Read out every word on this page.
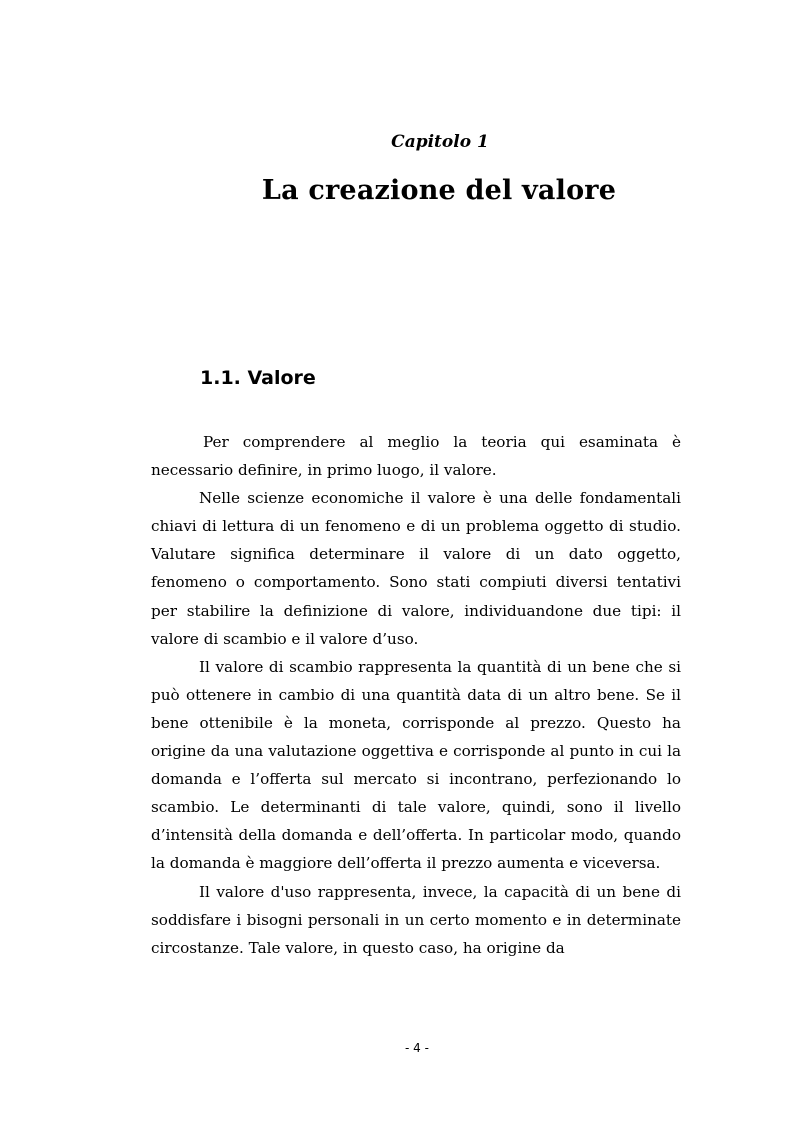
Capitolo 1
La creazione del valore
1.1. Valore

Per comprendere al meglio la teoria qui esaminata è necessario definire, in primo luogo, il valore.

Nelle scienze economiche il valore è una delle fondamentali chiavi di lettura di un fenomeno e di un problema oggetto di studio. Valutare significa determinare il valore di un dato oggetto, fenomeno o comportamento. Sono stati compiuti diversi tentativi per stabilire la definizione di valore, individuandone due tipi: il valore di scambio e il valore d’uso.

Il valore di scambio rappresenta la quantità di un bene che si può ottenere in cambio di una quantità data di un altro bene. Se il bene ottenibile è la moneta, corrisponde al prezzo. Questo ha origine da una valutazione oggettiva e corrisponde al punto in cui la domanda e l’offerta sul mercato si incontrano, perfezionando lo scambio. Le determinanti di tale valore, quindi, sono il livello d’intensità della domanda e dell’offerta. In particolar modo, quando la domanda è maggiore dell’offerta il prezzo aumenta e viceversa.

Il valore d'uso rappresenta, invece, la capacità di un bene di soddisfare i bisogni personali in un certo momento e in determinate circostanze. Tale valore, in questo caso, ha origine da

- 4 -
